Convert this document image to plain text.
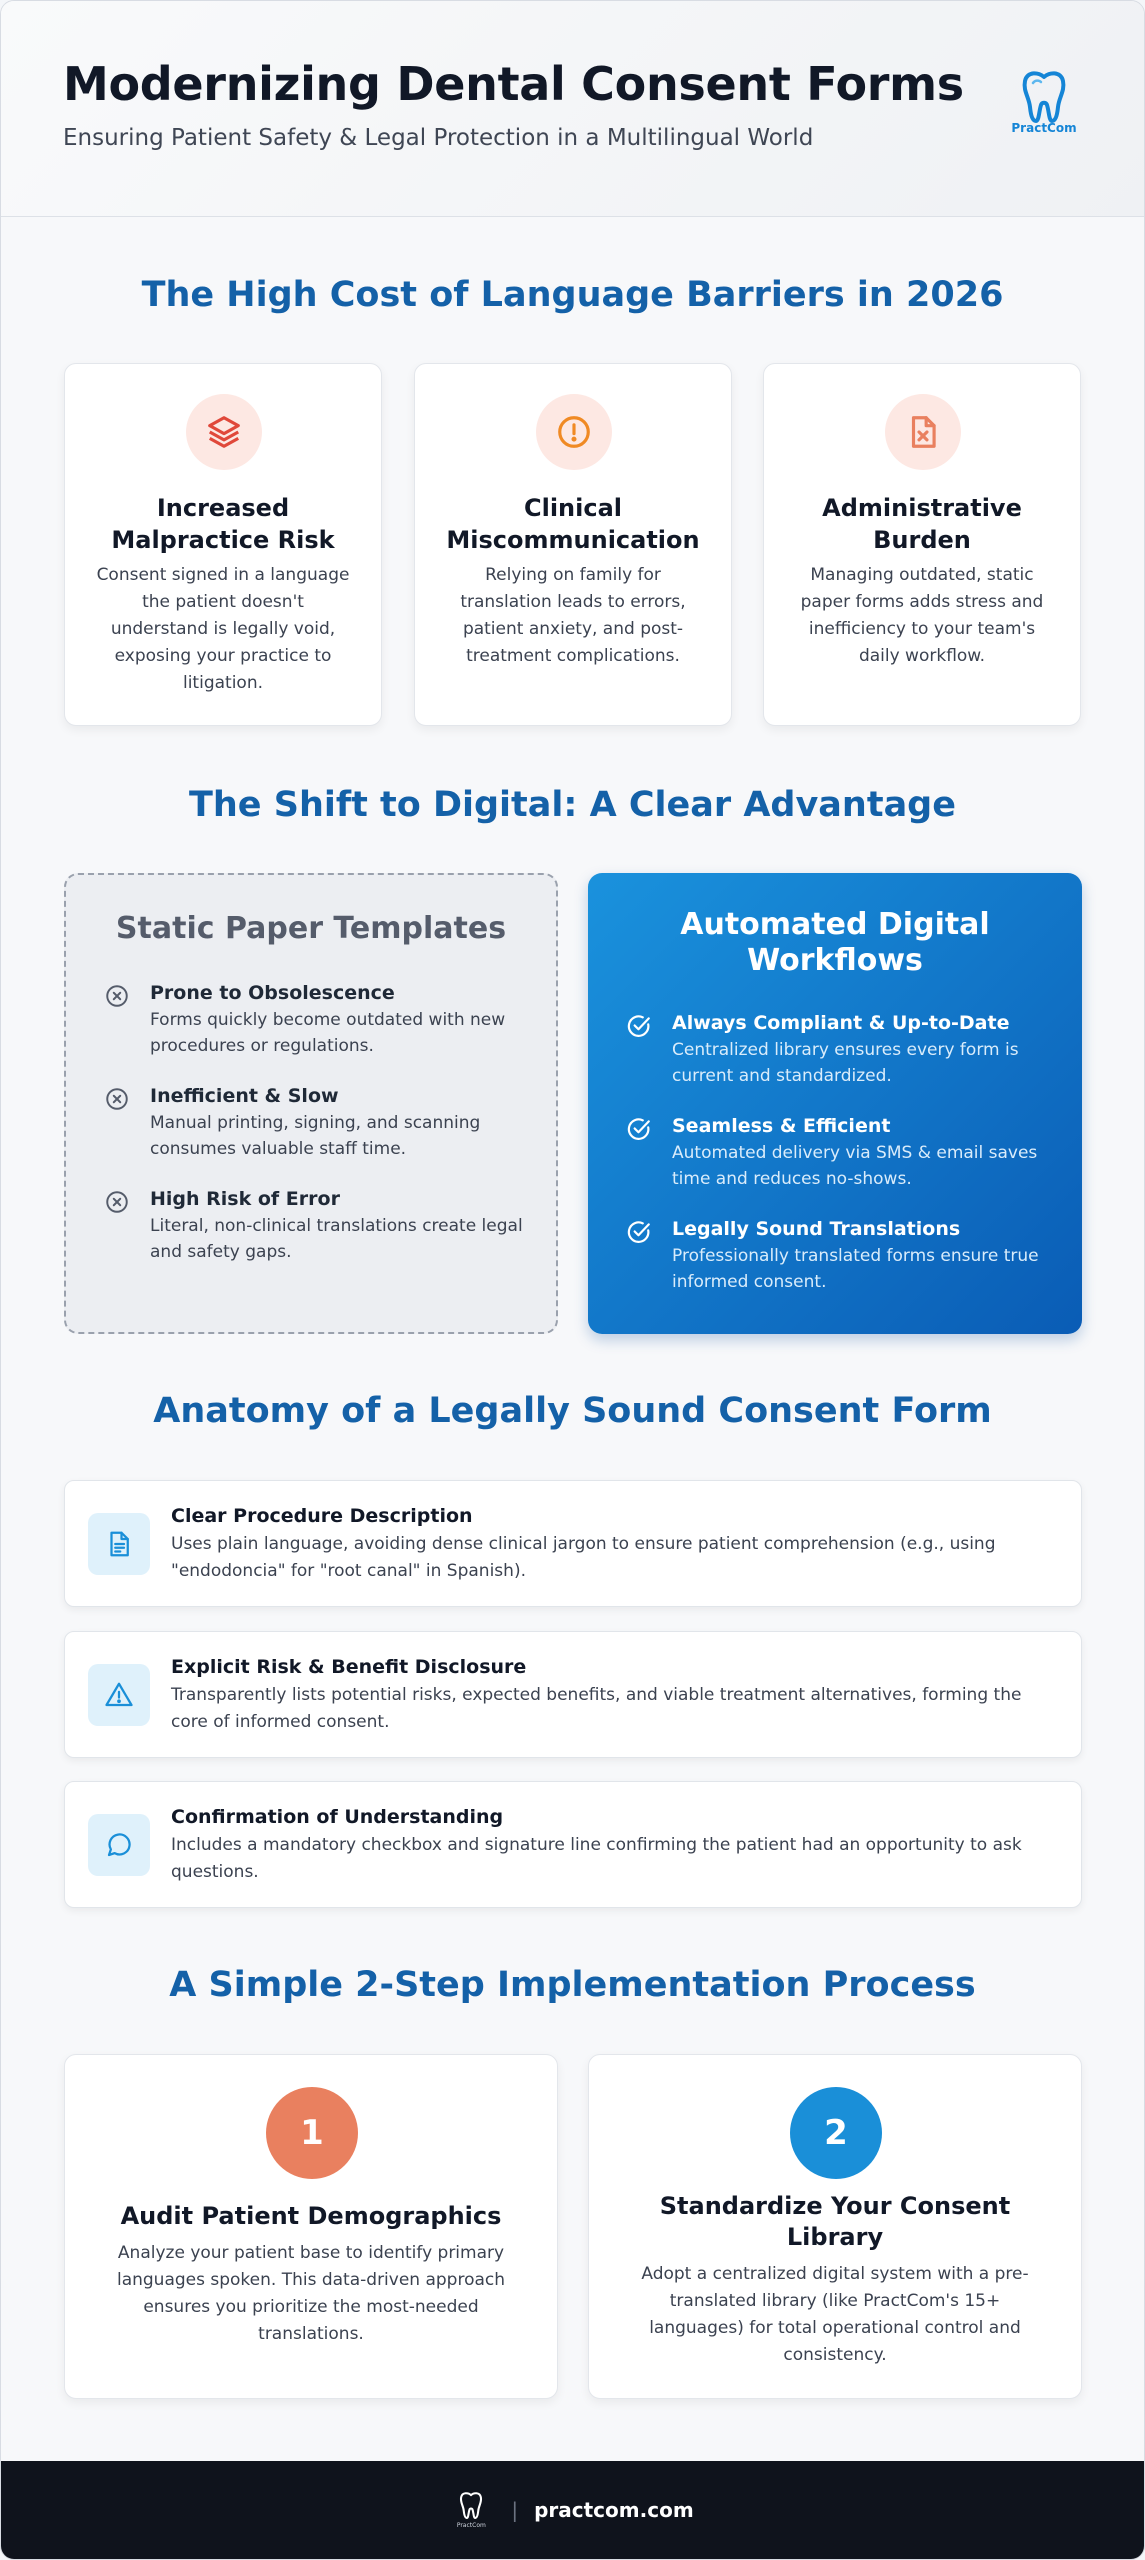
Modernizing Dental Consent Forms
Ensuring Patient Safety & Legal Protection in a Multilingual World	PractCom
The High Cost of Language Barriers in 2026
Increased Malpractice Risk
Consent signed in a language the patient doesn't understand is legally void, exposing your practice to litigation.
Clinical Miscommunication
Relying on family for translation leads to errors, patient anxiety, and post-treatment complications.
Administrative Burden
Managing outdated, static paper forms adds stress and inefficiency to your team's daily workflow.
The Shift to Digital: A Clear Advantage
Static Paper Templates
Prone to Obsolescence
Forms quickly become outdated with new procedures or regulations.
Inefficient & Slow
Manual printing, signing, and scanning consumes valuable staff time.
High Risk of Error
Literal, non-clinical translations create legal and safety gaps.
Automated Digital Workflows
Always Compliant & Up-to-Date
Centralized library ensures every form is current and standardized.
Seamless & Efficient
Automated delivery via SMS & email saves time and reduces no-shows.
Legally Sound Translations
Professionally translated forms ensure true informed consent.
Anatomy of a Legally Sound Consent Form
Clear Procedure Description
Uses plain language, avoiding dense clinical jargon to ensure patient comprehension (e.g., using "endodoncia" for "root canal" in Spanish).
Explicit Risk & Benefit Disclosure
Transparently lists potential risks, expected benefits, and viable treatment alternatives, forming the core of informed consent.
Confirmation of Understanding
Includes a mandatory checkbox and signature line confirming the patient had an opportunity to ask questions.
A Simple 2-Step Implementation Process
1
Audit Patient Demographics
Analyze your patient base to identify primary languages spoken. This data-driven approach ensures you prioritize the most-needed translations.
2
Standardize Your Consent Library
Adopt a centralized digital system with a pre-translated library (like PractCom's 15+ languages) for total operational control and consistency.
PractCom
| practcom.com
